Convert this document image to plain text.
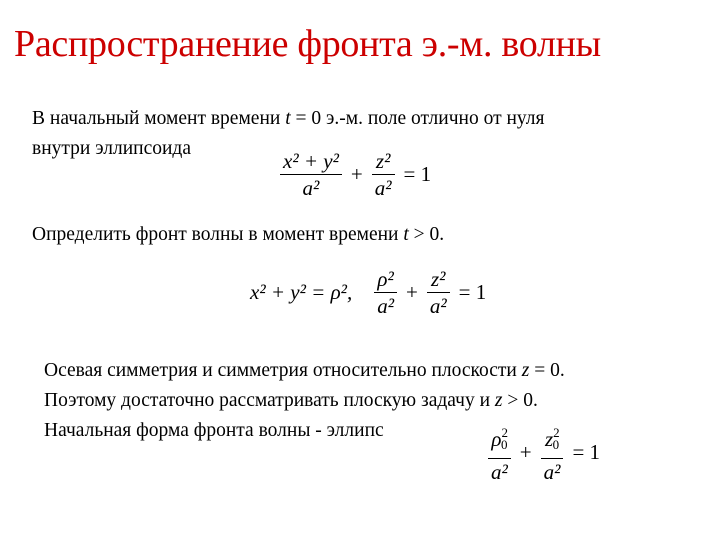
Распространение фронта э.-м. волны
В начальный момент времени t = 0 э.-м. поле отлично от нуля
внутри эллипсоида	$\frac{\text{x² + y²}}{\text{a²}} + \frac{\text{z²}}{\text{a²}} = 1$
Определить фронт волны в момент времени t > 0.
x² + y² = ρ², $\frac{\text{ρ²}}{\text{a²}} + \frac{\text{z²}}{\text{a²}} = 1$
Осевая симметрия и симметрия относительно плоскости z = 0.
Поэтому достаточно рассматривать плоскую задачу и z > 0.
Начальная форма фронта волны - эллипс	$\frac{\rho^2_0}{\text{a²}} + \frac{z^2_0}{\text{a²}} = 1$
